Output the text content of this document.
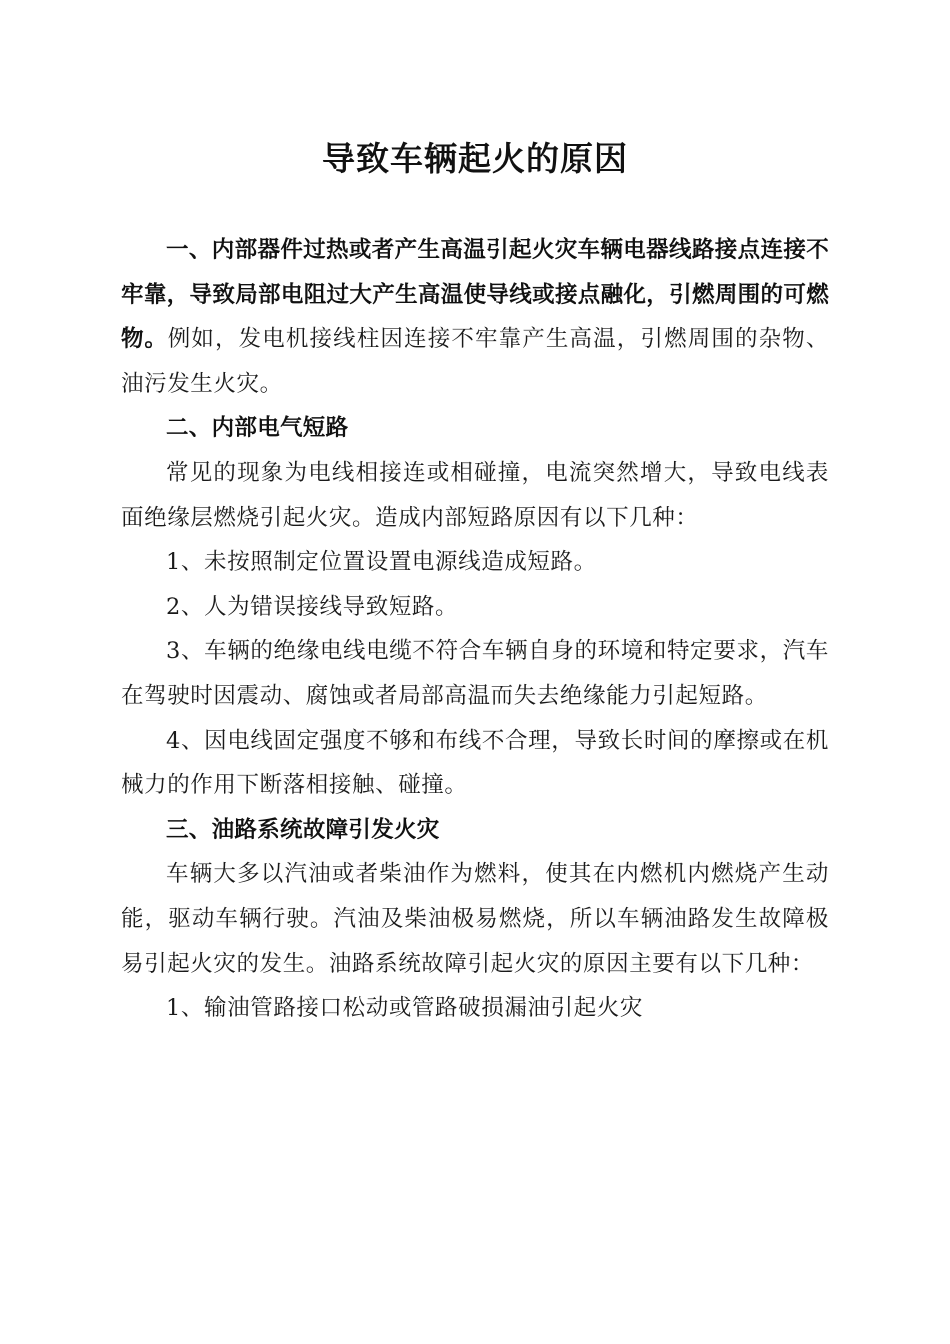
导致车辆起火的原因

一、内部器件过热或者产生高温引起火灾车辆电器线路接点连接不牢靠，导致局部电阻过大产生高温使导线或接点融化，引燃周围的可燃物。例如，发电机接线柱因连接不牢靠产生高温，引燃周围的杂物、油污发生火灾。

二、内部电气短路

常见的现象为电线相接连或相碰撞，电流突然增大，导致电线表面绝缘层燃烧引起火灾。造成内部短路原因有以下几种：

1、未按照制定位置设置电源线造成短路。

2、人为错误接线导致短路。

3、车辆的绝缘电线电缆不符合车辆自身的环境和特定要求，汽车在驾驶时因震动、腐蚀或者局部高温而失去绝缘能力引起短路。

4、因电线固定强度不够和布线不合理，导致长时间的摩擦或在机械力的作用下断落相接触、碰撞。

三、油路系统故障引发火灾

车辆大多以汽油或者柴油作为燃料，使其在内燃机内燃烧产生动能，驱动车辆行驶。汽油及柴油极易燃烧，所以车辆油路发生故障极易引起火灾的发生。油路系统故障引起火灾的原因主要有以下几种：

1、输油管路接口松动或管路破损漏油引起火灾
